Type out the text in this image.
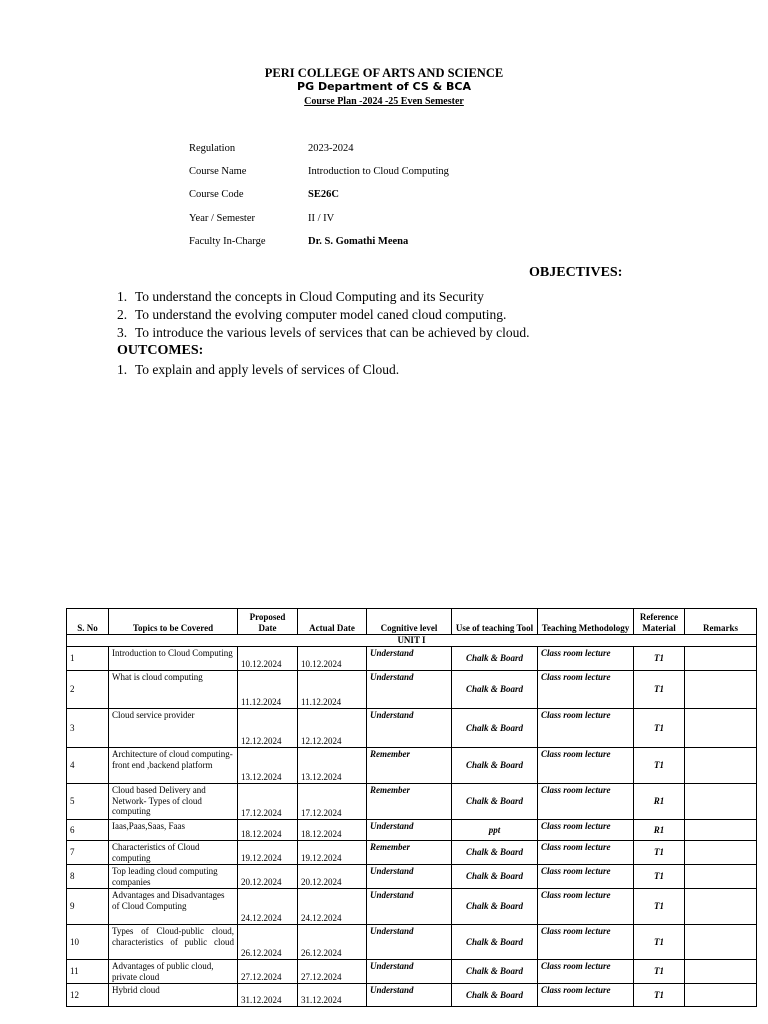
PERI COLLEGE OF ARTS AND SCIENCE
PG Department of CS & BCA
Course Plan -2024 -25 Even Semester
Regulation	2023-2024
Course Name	Introduction to Cloud Computing
Course Code	SE26C
Year / Semester	II / IV
Faculty In-Charge	Dr. S. Gomathi Meena
OBJECTIVES:
1. To understand the concepts in Cloud Computing and its Security
2. To understand the evolving computer model caned cloud computing.
3. To introduce the various levels of services that can be achieved by cloud.
OUTCOMES:
1. To explain and apply levels of services of Cloud.
S. No	Topics to be Covered	Proposed Date	Actual Date	Cognitive level	Use of teaching Tool	Teaching Methodology	Reference Material	Remarks
UNIT I								
1	Introduction to Cloud Computing	10.12.2024	10.12.2024	Understand	Chalk & Board	Class room lecture	T1	
2	What is cloud computing	11.12.2024	11.12.2024	Understand	Chalk & Board	Class room lecture	T1	
3	Cloud service provider	12.12.2024	12.12.2024	Understand	Chalk & Board	Class room lecture	T1	
4	Architecture of cloud computing- front end ,backend platform	13.12.2024	13.12.2024	Remember	Chalk & Board	Class room lecture	T1	
5	Cloud based Delivery and Network- Types of cloud computing	17.12.2024	17.12.2024	Remember	Chalk & Board	Class room lecture	R1	
6	Iaas,Paas,Saas, Faas	18.12.2024	18.12.2024	Understand	ppt	Class room lecture	R1	
7	Characteristics of Cloud computing	19.12.2024	19.12.2024	Remember	Chalk & Board	Class room lecture	T1	
8	Top leading cloud computing companies	20.12.2024	20.12.2024	Understand	Chalk & Board	Class room lecture	T1	
9	Advantages and Disadvantages of Cloud Computing	24.12.2024	24.12.2024	Understand	Chalk & Board	Class room lecture	T1	
10	Types of Cloud-public cloud, characteristics of public cloud	26.12.2024	26.12.2024	Understand	Chalk & Board	Class room lecture	T1	
11	Advantages of public cloud, private cloud	27.12.2024	27.12.2024	Understand	Chalk & Board	Class room lecture	T1	
12	Hybrid cloud	31.12.2024	31.12.2024	Understand	Chalk & Board	Class room lecture	T1	
